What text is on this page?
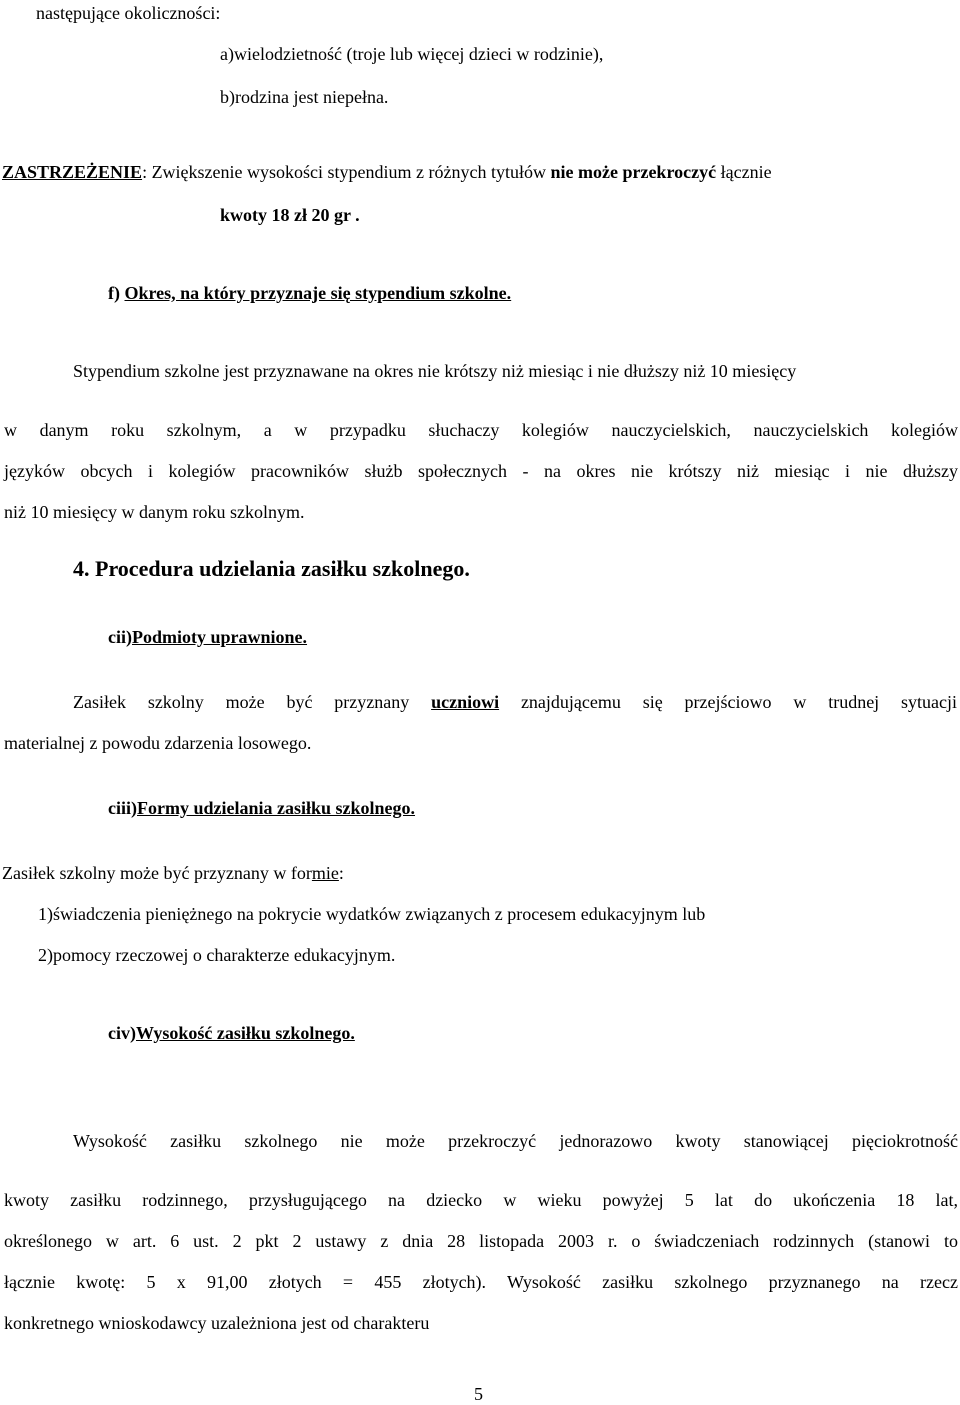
następujące okoliczności:

a)wielodzietność (troje lub więcej dzieci w rodzinie),

b)rodzina jest niepełna.

ZASTRZEŻENIE: Zwiększenie wysokości stypendium z różnych tytułów nie może przekroczyć łącznie

kwoty 18 zł 20 gr .

f) Okres, na który przyznaje się stypendium szkolne.

Stypendium szkolne jest przyznawane na okres nie krótszy niż miesiąc i nie dłuższy niż 10 miesięcy

w danym roku szkolnym, a w przypadku słuchaczy kolegiów nauczycielskich, nauczycielskich kolegiów

języków obcych i kolegiów pracowników służb społecznych - na okres nie krótszy niż miesiąc i nie dłuższy

niż 10 miesięcy w danym roku szkolnym.

4. Procedura udzielania zasiłku szkolnego.

cii)Podmioty uprawnione.

Zasiłek szkolny może być przyznany uczniowi znajdującemu się przejściowo w trudnej sytuacji

materialnej z powodu zdarzenia losowego.

ciii)Formy udzielania zasiłku szkolnego.

Zasiłek szkolny może być przyznany w formie:

1)świadczenia pieniężnego na pokrycie wydatków związanych z procesem edukacyjnym lub

2)pomocy rzeczowej o charakterze edukacyjnym.

civ)Wysokość zasiłku szkolnego.

Wysokość zasiłku szkolnego nie może przekroczyć jednorazowo kwoty stanowiącej pięciokrotność

kwoty zasiłku rodzinnego, przysługującego na dziecko w wieku powyżej 5 lat do ukończenia 18 lat,

określonego w art. 6 ust. 2 pkt 2 ustawy z dnia 28 listopada 2003 r. o świadczeniach rodzinnych (stanowi to

łącznie kwotę: 5 x 91,00 złotych = 455 złotych). Wysokość zasiłku szkolnego przyznanego na rzecz

konkretnego wnioskodawcy uzależniona jest od charakteru

5
